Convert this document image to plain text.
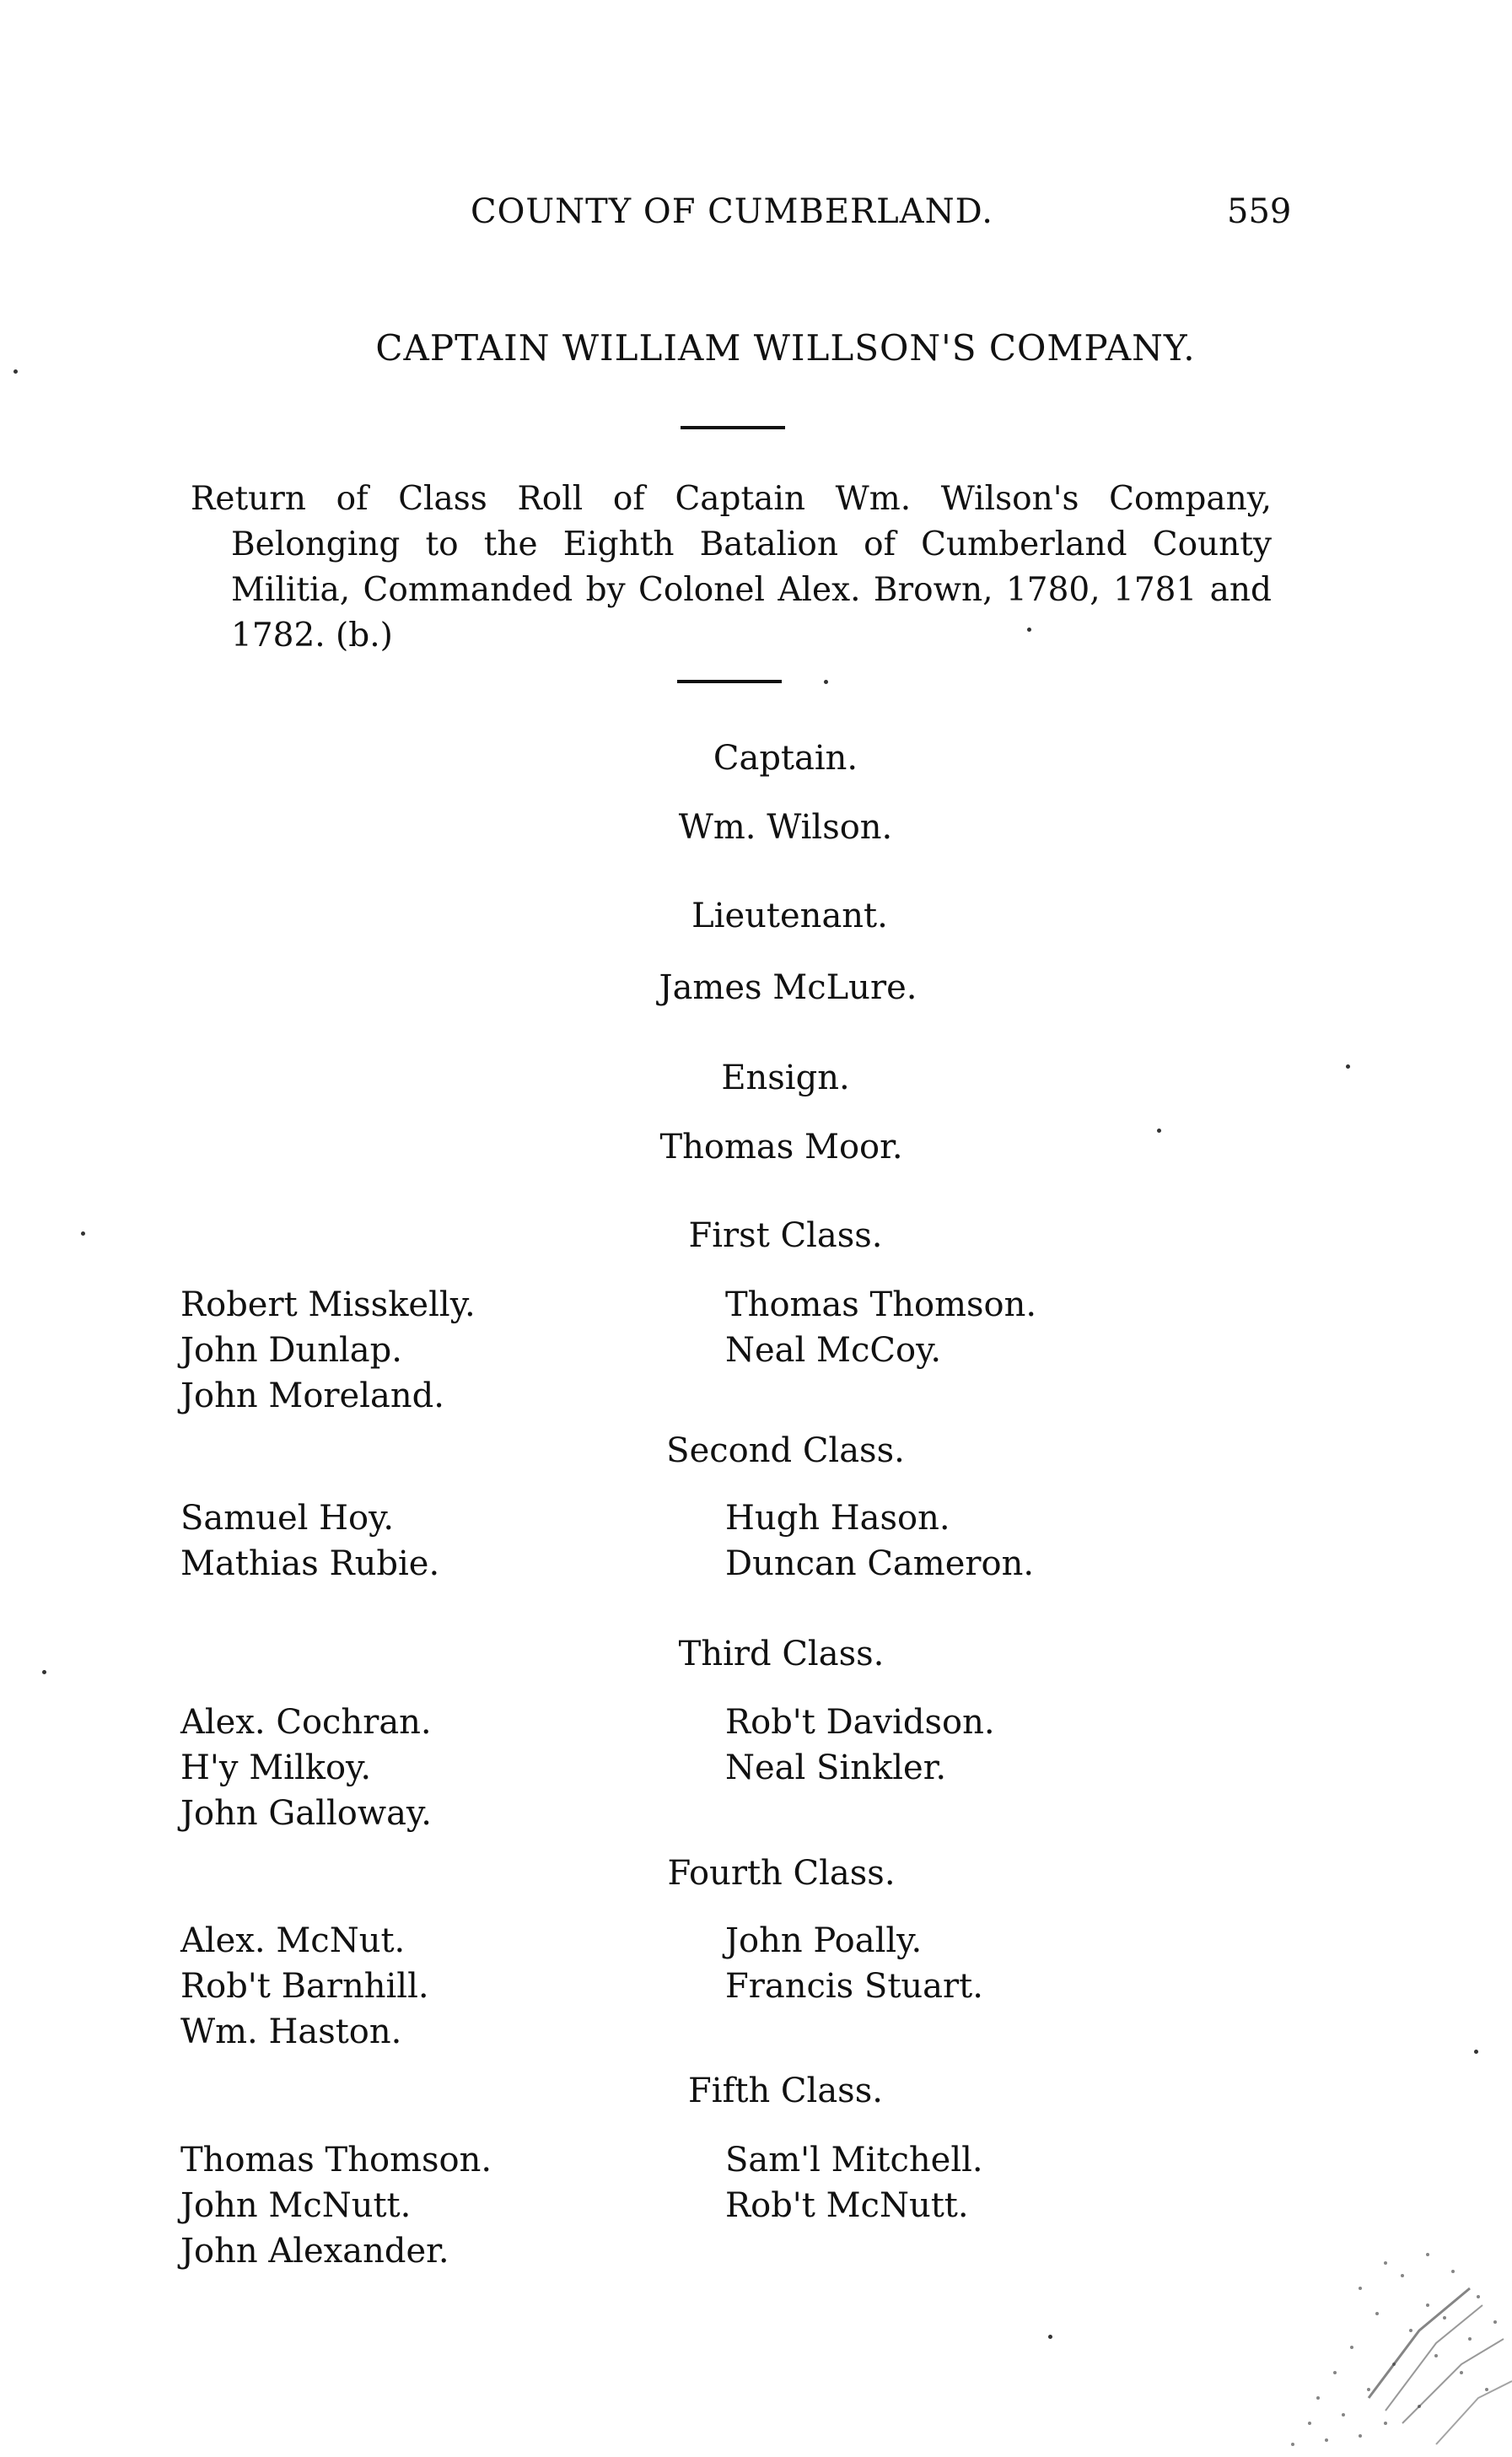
COUNTY OF CUMBERLAND.	559
CAPTAIN WILLIAM WILLSON'S COMPANY.
Return of Class Roll of Captain Wm. Wilson's Company, Belonging to the Eighth Batalion of Cumberland County Militia, Commanded by Colonel Alex. Brown, 1780, 1781 and 1782. (b.)
Captain.
Wm. Wilson.
Lieutenant.
James McLure.
Ensign.
Thomas Moor.
First Class.
Robert Misskelly.
John Dunlap.
John Moreland.
Thomas Thomson.
Neal McCoy.
Second Class.
Samuel Hoy.
Mathias Rubie.
Hugh Hason.
Duncan Cameron.
Third Class.
Alex. Cochran.
H'y Milkoy.
John Galloway.
Rob't Davidson.
Neal Sinkler.
Fourth Class.
Alex. McNut.
Rob't Barnhill.
Wm. Haston.
John Poally.
Francis Stuart.
Fifth Class.
Thomas Thomson.
John McNutt.
John Alexander.
Sam'l Mitchell.
Rob't McNutt.
